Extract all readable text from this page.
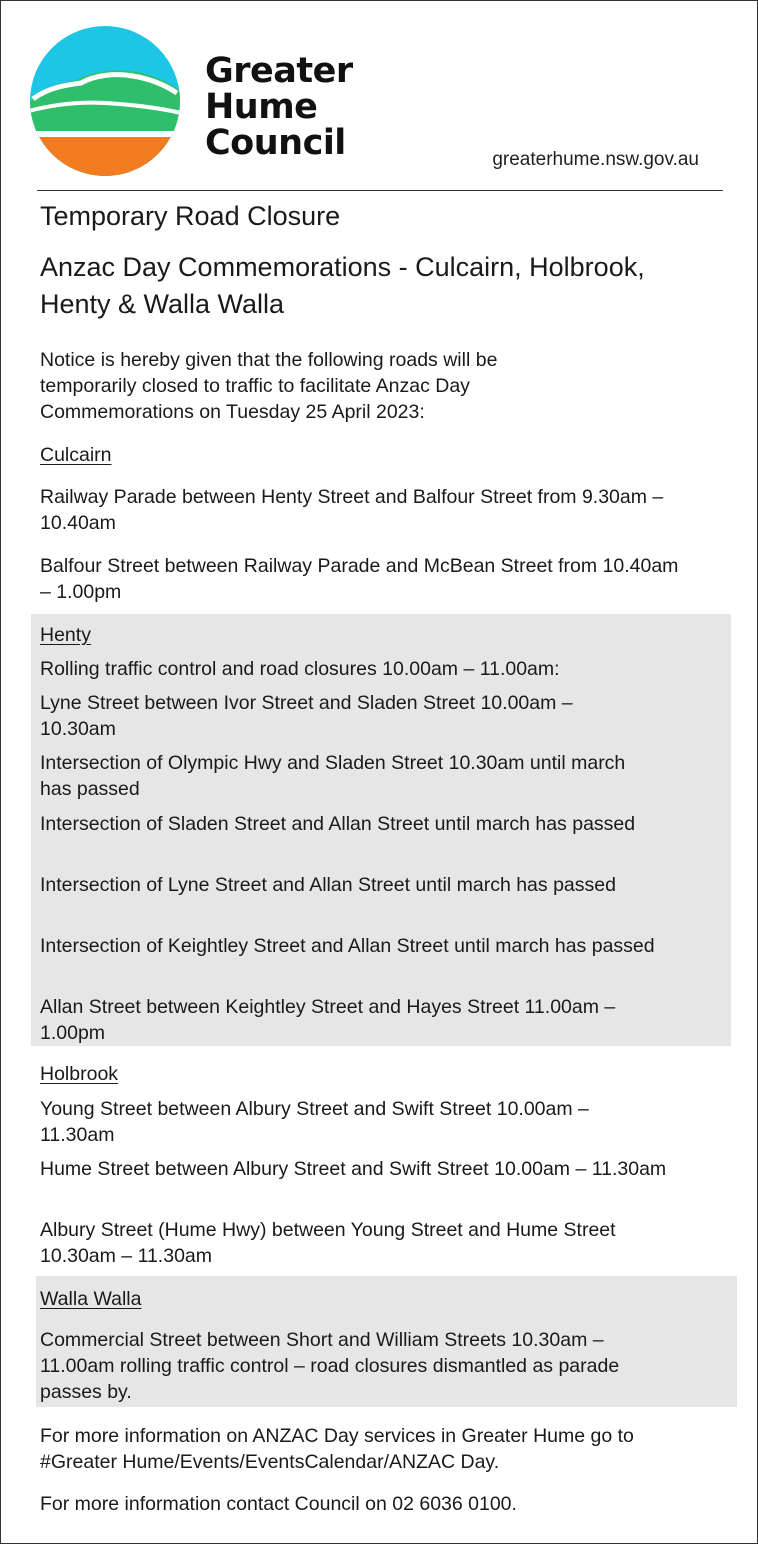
Greater
Hume
Council	greaterhume.nsw.gov.au
Temporary Road Closure
Anzac Day Commemorations - Culcairn, Holbrook, Henty & Walla Walla
Notice is hereby given that the following roads will be temporarily closed to traffic to facilitate Anzac Day Commemorations on Tuesday 25 April 2023:
Culcairn
Railway Parade between Henty Street and Balfour Street from 9.30am – 10.40am
Balfour Street between Railway Parade and McBean Street from 10.40am – 1.00pm
Henty
Rolling traffic control and road closures 10.00am – 11.00am:
Lyne Street between Ivor Street and Sladen Street 10.00am – 10.30am
Intersection of Olympic Hwy and Sladen Street 10.30am until march has passed
Intersection of Sladen Street and Allan Street until march has passed
Intersection of Lyne Street and Allan Street until march has passed
Intersection of Keightley Street and Allan Street until march has passed
Allan Street between Keightley Street and Hayes Street 11.00am – 1.00pm
Holbrook
Young Street between Albury Street and Swift Street 10.00am – 11.30am
Hume Street between Albury Street and Swift Street 10.00am – 11.30am
Albury Street (Hume Hwy) between Young Street and Hume Street 10.30am – 11.30am
Walla Walla
Commercial Street between Short and William Streets 10.30am – 11.00am rolling traffic control – road closures dismantled as parade passes by.
For more information on ANZAC Day services in Greater Hume go to #Greater Hume/Events/EventsCalendar/ANZAC Day.
For more information contact Council on 02 6036 0100.
